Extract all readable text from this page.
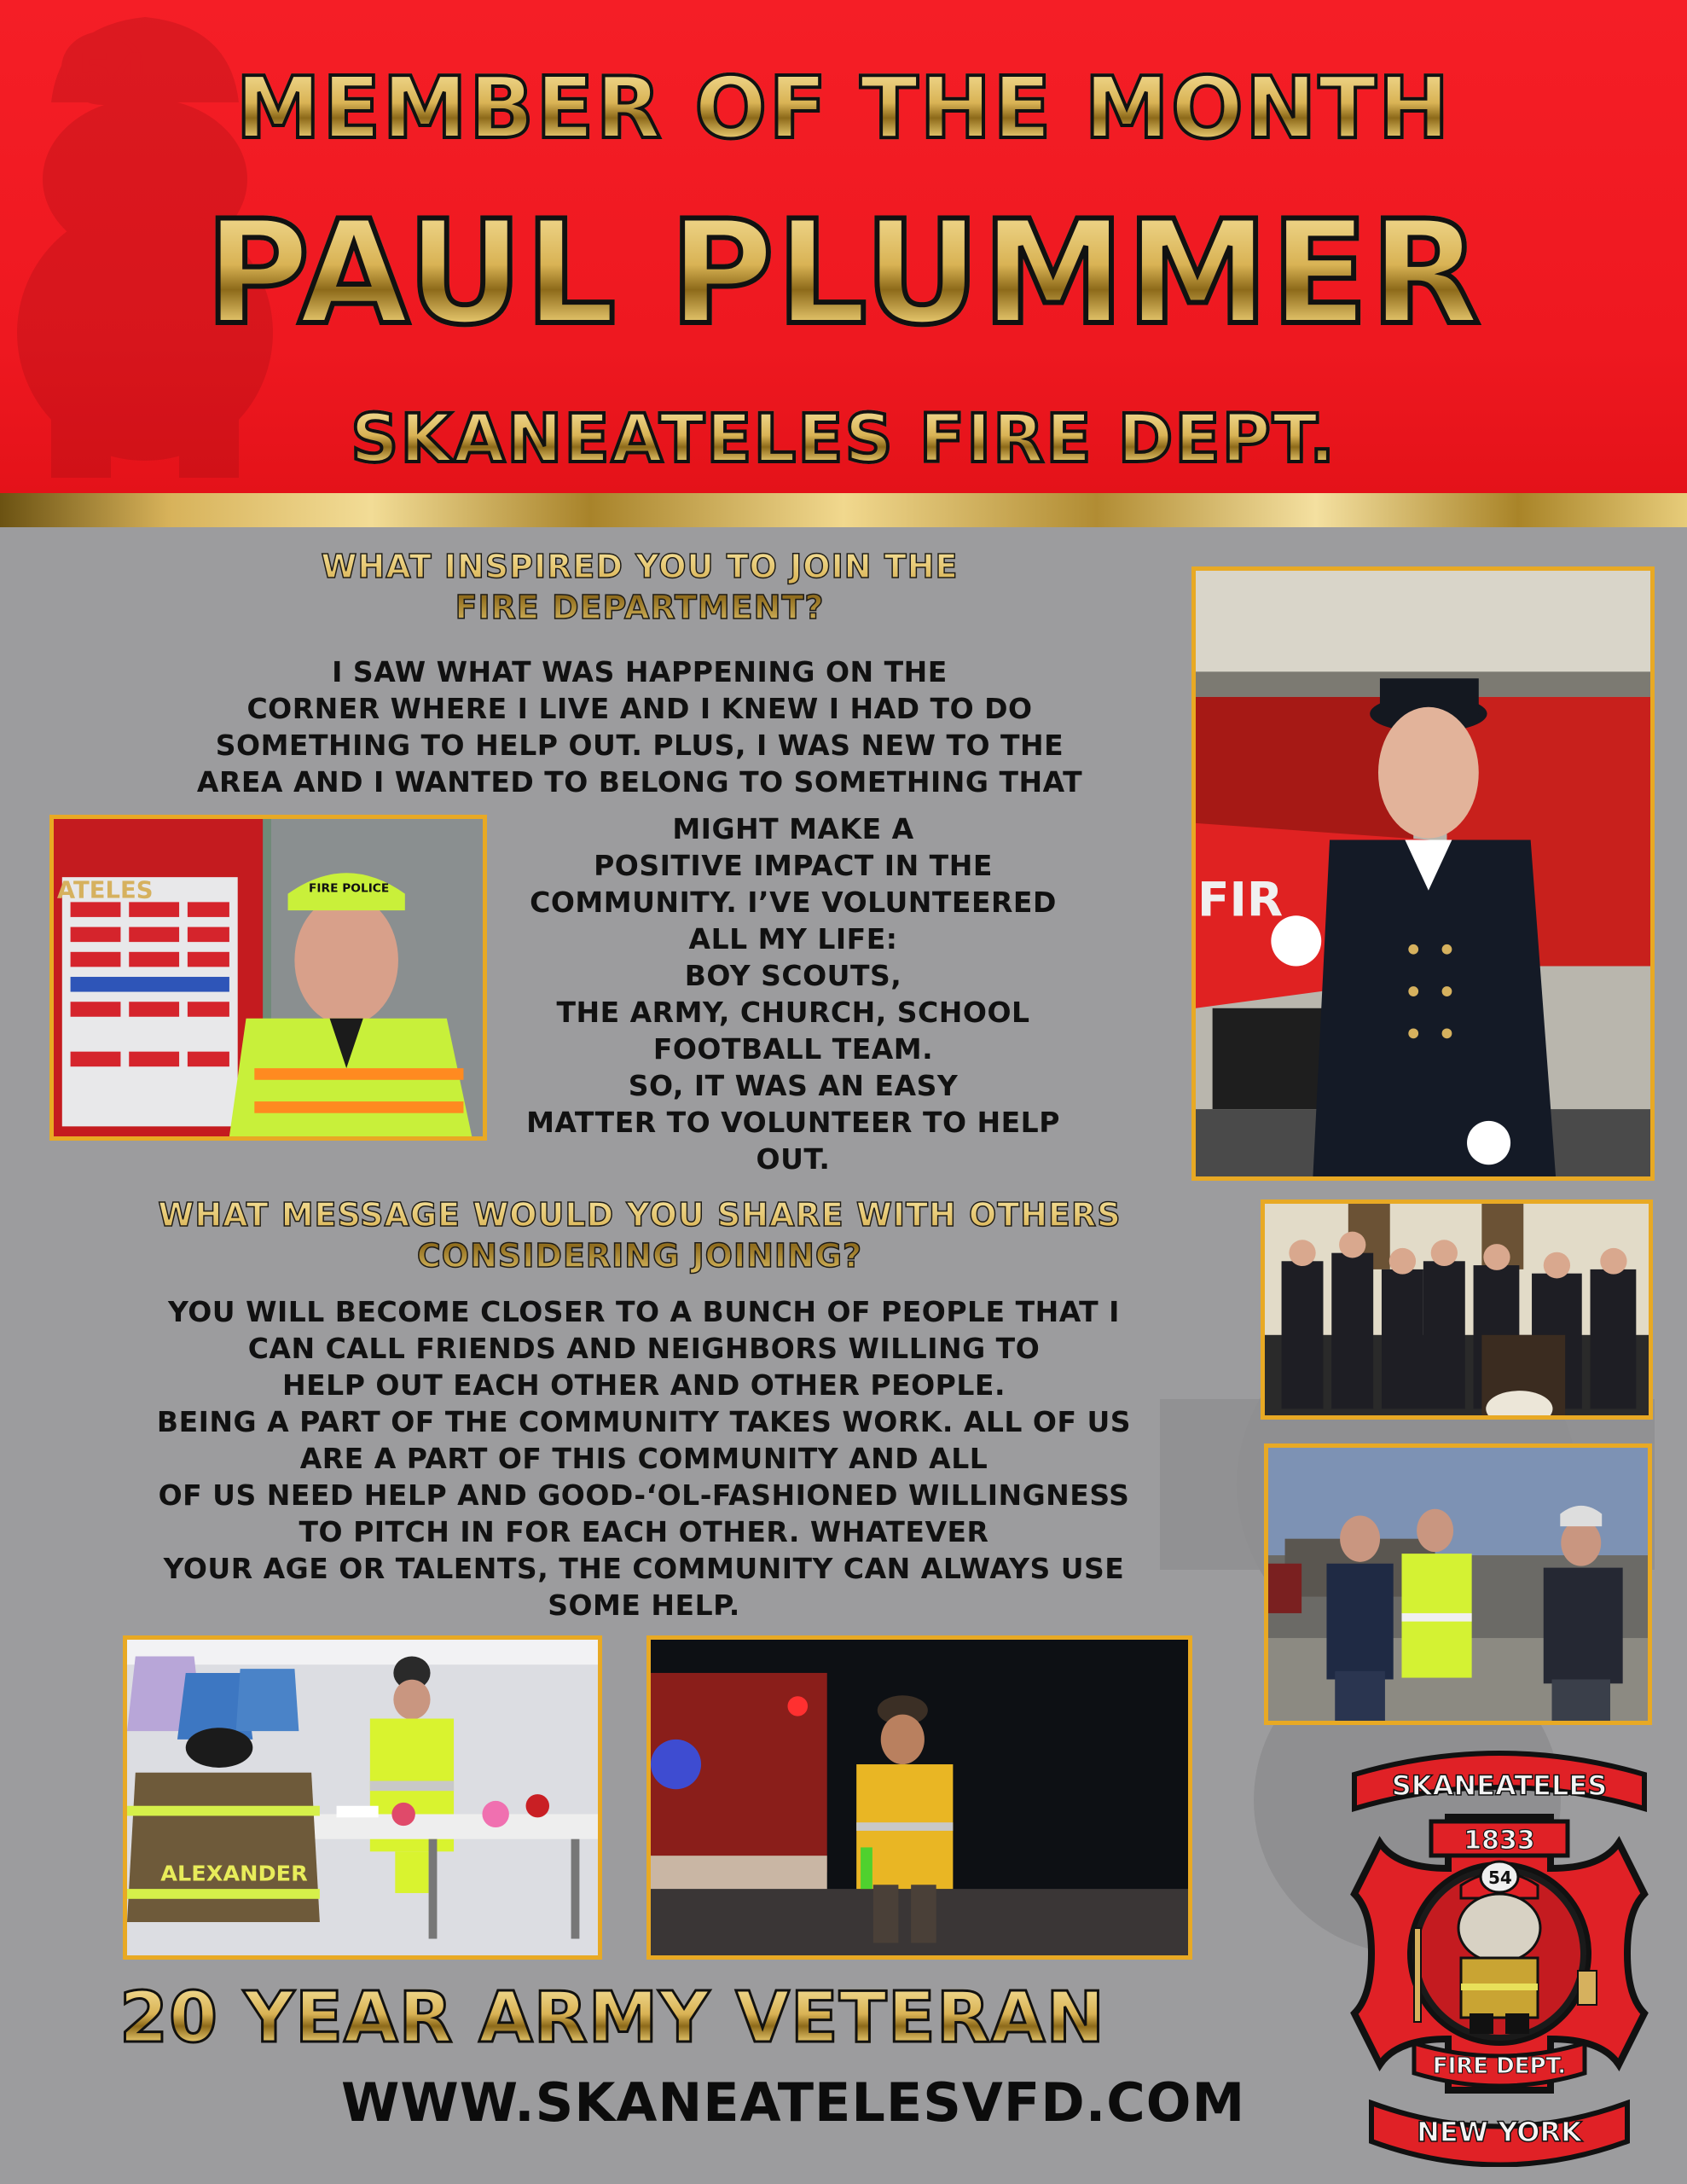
MEMBER OF THE MONTH
PAUL PLUMMER
SKANEATELES FIRE DEPT.
WHAT INSPIRED YOU TO JOIN THE
FIRE DEPARTMENT?
I SAW WHAT WAS HAPPENING ON THE
CORNER WHERE I LIVE AND I KNEW I HAD TO DO
SOMETHING TO HELP OUT. PLUS, I WAS NEW TO THE
AREA AND I WANTED TO BELONG TO SOMETHING THAT
MIGHT MAKE A
POSITIVE IMPACT IN THE
COMMUNITY. I’VE VOLUNTEERED
ALL MY LIFE:
BOY SCOUTS,
THE ARMY, CHURCH, SCHOOL
FOOTBALL TEAM.
SO, IT WAS AN EASY
MATTER TO VOLUNTEER TO HELP
OUT.
WHAT MESSAGE WOULD YOU SHARE WITH OTHERS
CONSIDERING JOINING?
YOU WILL BECOME CLOSER TO A BUNCH OF PEOPLE THAT I
CAN CALL FRIENDS AND NEIGHBORS WILLING TO
HELP OUT EACH OTHER AND OTHER PEOPLE.
BEING A PART OF THE COMMUNITY TAKES WORK. ALL OF US
ARE A PART OF THIS COMMUNITY AND ALL
OF US NEED HELP AND GOOD-‘OL-FASHIONED WILLINGNESS
TO PITCH IN FOR EACH OTHER. WHATEVER
YOUR AGE OR TALENTS, THE COMMUNITY CAN ALWAYS USE
SOME HELP.
FIR
ATELES	FIRE POLICE
ALEXANDER
20 YEAR ARMY VETERAN
WWW.SKANEATELESVFD.COM
54
SKANEATELES
1833
FIRE DEPT.
NEW YORK
